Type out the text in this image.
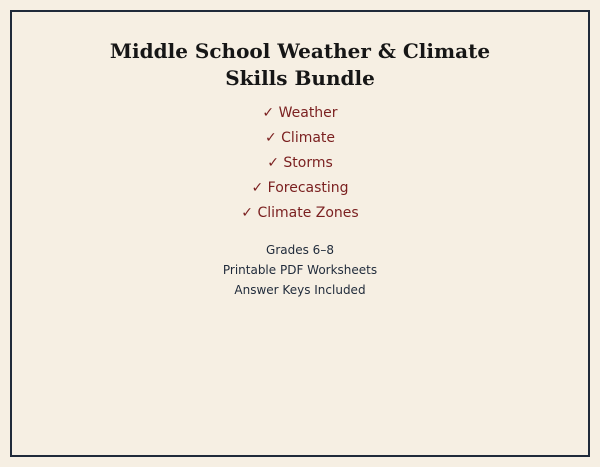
Middle School Weather & Climate
Skills Bundle
✓ Weather
✓ Climate
✓ Storms
✓ Forecasting
✓ Climate Zones
Grades 6–8
Printable PDF Worksheets
Answer Keys Included
